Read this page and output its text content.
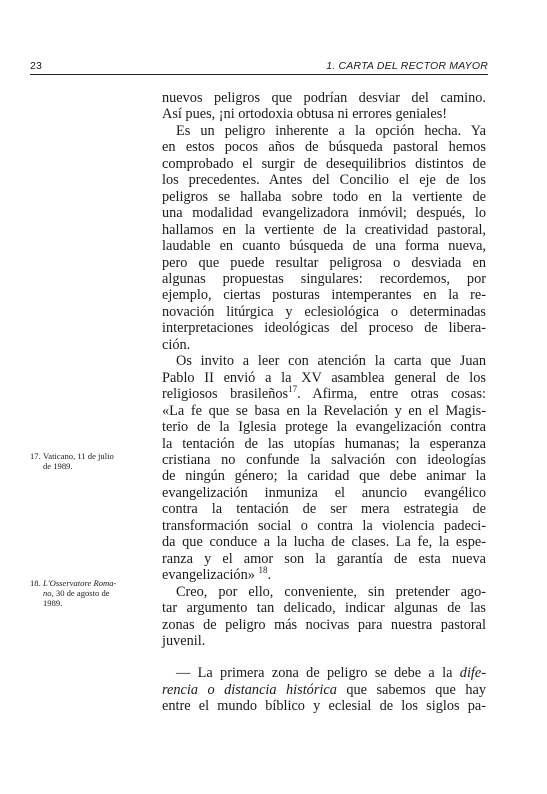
23	1. CARTA DEL RECTOR MAYOR

nuevos peligros que podrían desviar del camino.

Así pues, ¡ni ortodoxia obtusa ni errores geniales!

Es un peligro inherente a la opción hecha. Ya

en estos pocos años de búsqueda pastoral hemos

comprobado el surgir de desequilibrios distintos de

los precedentes. Antes del Concilio el eje de los

peligros se hallaba sobre todo en la vertiente de

una modalidad evangelizadora inmóvil; después, lo

hallamos en la vertiente de la creatividad pastoral,

laudable en cuanto búsqueda de una forma nueva,

pero que puede resultar peligrosa o desviada en

algunas propuestas singulares: recordemos, por

ejemplo, ciertas posturas intemperantes en la re-

novación litúrgica y eclesiológica o determinadas

interpretaciones ideológicas del proceso de libera-

ción.

Os invito a leer con atención la carta que Juan

Pablo II envió a la XV asamblea general de los

religiosos brasileños$^{17}$. Afirma, entre otras cosas:

«La fe que se basa en la Revelación y en el Magis-

terio de la Iglesia protege la evangelización contra

la tentación de las utopías humanas; la esperanza

cristiana no confunde la salvación con ideologías

de ningún género; la caridad que debe animar la

evangelización inmuniza el anuncio evangélico

contra la tentación de ser mera estrategia de

transformación social o contra la violencia padeci-

da que conduce a la lucha de clases. La fe, la espe-

ranza y el amor son la garantía de esta nueva

evangelización» $^{18}$.

Creo, por ello, conveniente, sin pretender ago-

tar argumento tan delicado, indicar algunas de las

zonas de peligro más nocivas para nuestra pastoral

juvenil.

— La primera zona de peligro se debe a la dife-

rencia o distancia histórica que sabemos que hay

entre el mundo bíblico y eclesial de los siglos pa-

17. Vaticano, 11 de julio
de 1989.
18. L'Osservatore Roma-
no, 30 de agosto de
1989.
